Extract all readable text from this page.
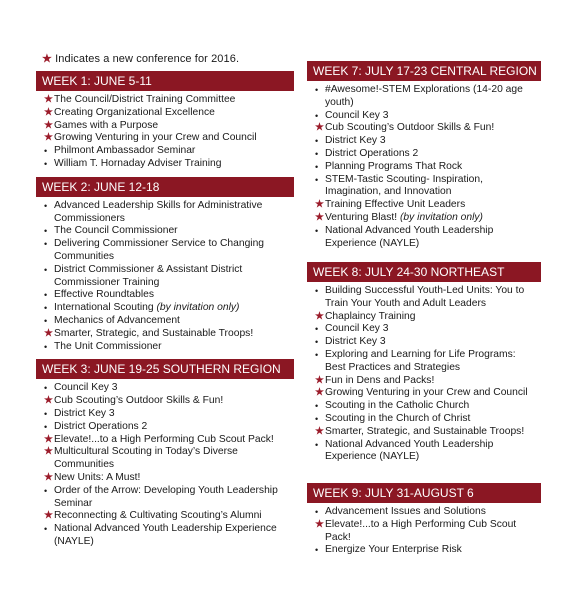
★ Indicates a new conference for 2016.
WEEK 1: JUNE 5-11
★ The Council/District Training Committee
★ Creating Organizational Excellence
★ Games with a Purpose
★ Growing Venturing in your Crew and Council
• Philmont Ambassador Seminar
• William T. Hornaday Adviser Training
WEEK 2: JUNE 12-18
• Advanced Leadership Skills for Administrative Commissioners
• The Council Commissioner
• Delivering Commissioner Service to Changing Communities
• District Commissioner & Assistant District Commissioner Training
• Effective Roundtables
• International Scouting (by invitation only)
• Mechanics of Advancement
★ Smarter, Strategic, and Sustainable Troops!
• The Unit Commissioner
WEEK 3: JUNE 19-25 SOUTHERN REGION
• Council Key 3
★ Cub Scouting’s Outdoor Skills & Fun!
• District Key 3
• District Operations 2
★ Elevate!...to a High Performing Cub Scout Pack!
★ Multicultural Scouting in Today’s Diverse Communities
★ New Units: A Must!
• Order of the Arrow: Developing Youth Leadership Seminar
★ Reconnecting & Cultivating Scouting’s Alumni
• National Advanced Youth Leadership Experience (NAYLE)
WEEK 7: JULY 17-23 CENTRAL REGION
• #Awesome!-STEM Explorations (14-20 age youth)
• Council Key 3
★ Cub Scouting’s Outdoor Skills & Fun!
• District Key 3
• District Operations 2
• Planning Programs That Rock
• STEM-Tastic Scouting- Inspiration, Imagination, and Innovation
★ Training Effective Unit Leaders
★ Venturing Blast! (by invitation only)
• National Advanced Youth Leadership Experience (NAYLE)
WEEK 8: JULY 24-30 NORTHEAST
• Building Successful Youth-Led Units: You to Train Your Youth and Adult Leaders
★ Chaplaincy Training
• Council Key 3
• District Key 3
• Exploring and Learning for Life Programs: Best Practices and Strategies
★ Fun in Dens and Packs!
★ Growing Venturing in your Crew and Council
• Scouting in the Catholic Church
• Scouting in the Church of Christ
★ Smarter, Strategic, and Sustainable Troops!
• National Advanced Youth Leadership Experience (NAYLE)
WEEK 9: JULY 31-AUGUST 6
• Advancement Issues and Solutions
★ Elevate!...to a High Performing Cub Scout Pack!
• Energize Your Enterprise Risk
